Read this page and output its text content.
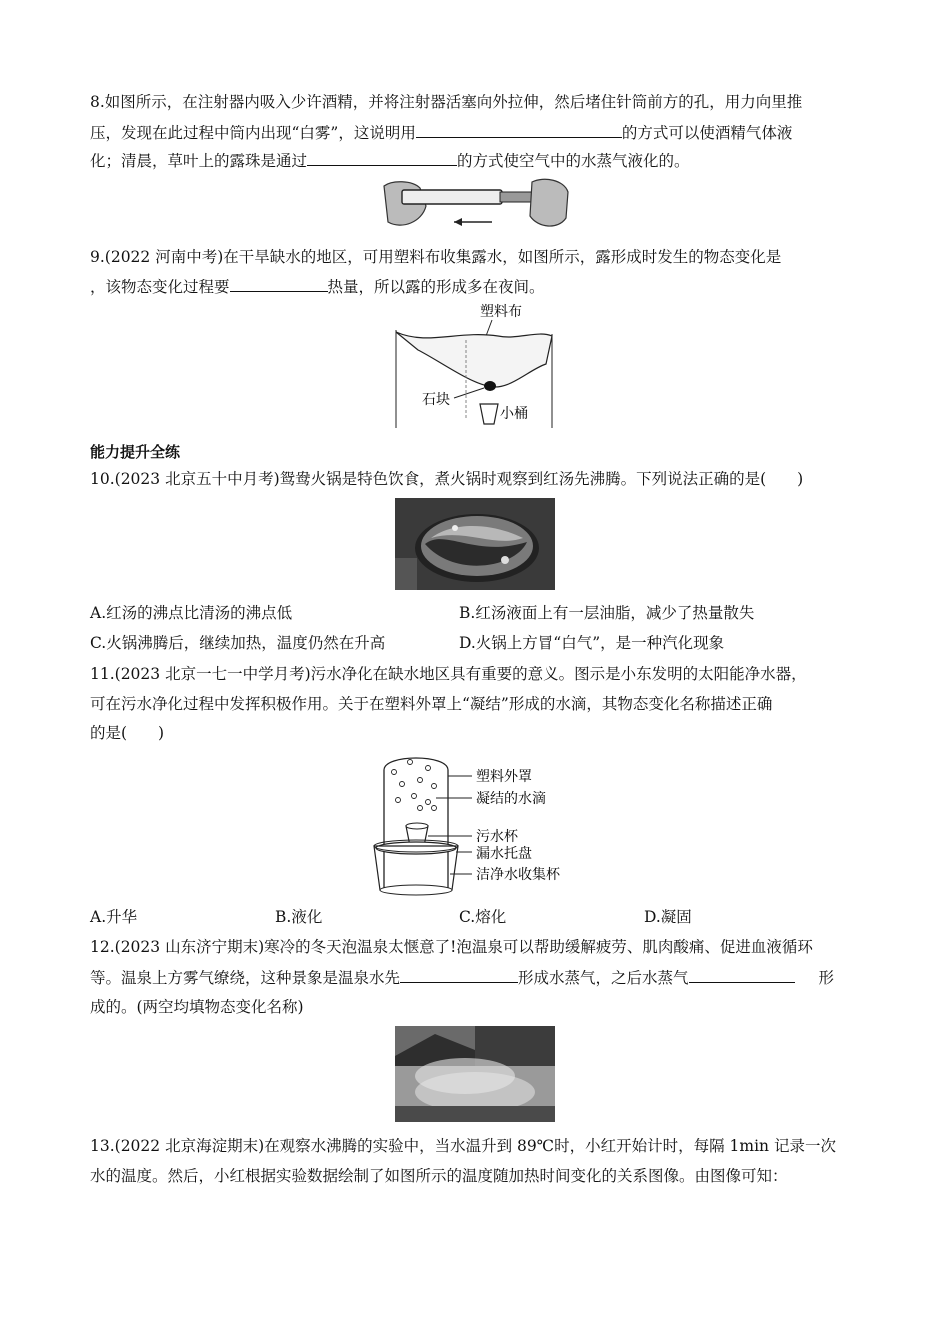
8.如图所示，在注射器内吸入少许酒精，并将注射器活塞向外拉伸，然后堵住针筒前方的孔，用力向里推
压，发现在此过程中筒内出现“白雾”，这说明用	的方式可以使酒精气体液
化；清晨，草叶上的露珠是通过	的方式使空气中的水蒸气液化的。
9.(2022 河南中考)在干旱缺水的地区，可用塑料布收集露水，如图所示，露形成时发生的物态变化是
，该物态变化过程要	热量，所以露的形成多在夜间。
塑料布
石块
小桶
能力提升全练
10.(2023 北京五十中月考)鸳鸯火锅是特色饮食，煮火锅时观察到红汤先沸腾。下列说法正确的是(　　)
A.红汤的沸点比清汤的沸点低	B.红汤液面上有一层油脂，减少了热量散失
C.火锅沸腾后，继续加热，温度仍然在升高	D.火锅上方冒“白气”，是一种汽化现象
11.(2023 北京一七一中学月考)污水净化在缺水地区具有重要的意义。图示是小东发明的太阳能净水器，
可在污水净化过程中发挥积极作用。关于在塑料外罩上“凝结”形成的水滴，其物态变化名称描述正确
的是(　　)
塑料外罩
凝结的水滴
污水杯
漏水托盘
洁净水收集杯
A.升华	B.液化	C.熔化	D.凝固
12.(2023 山东济宁期末)寒冷的冬天泡温泉太惬意了!泡温泉可以帮助缓解疲劳、肌肉酸痛、促进血液循环
等。温泉上方雾气缭绕，这种景象是温泉水先	形成水蒸气，之后水蒸气	形
成的。(两空均填物态变化名称)
13.(2022 北京海淀期末)在观察水沸腾的实验中，当水温升到 89℃时，小红开始计时，每隔 1min 记录一次
水的温度。然后，小红根据实验数据绘制了如图所示的温度随加热时间变化的关系图像。由图像可知：
